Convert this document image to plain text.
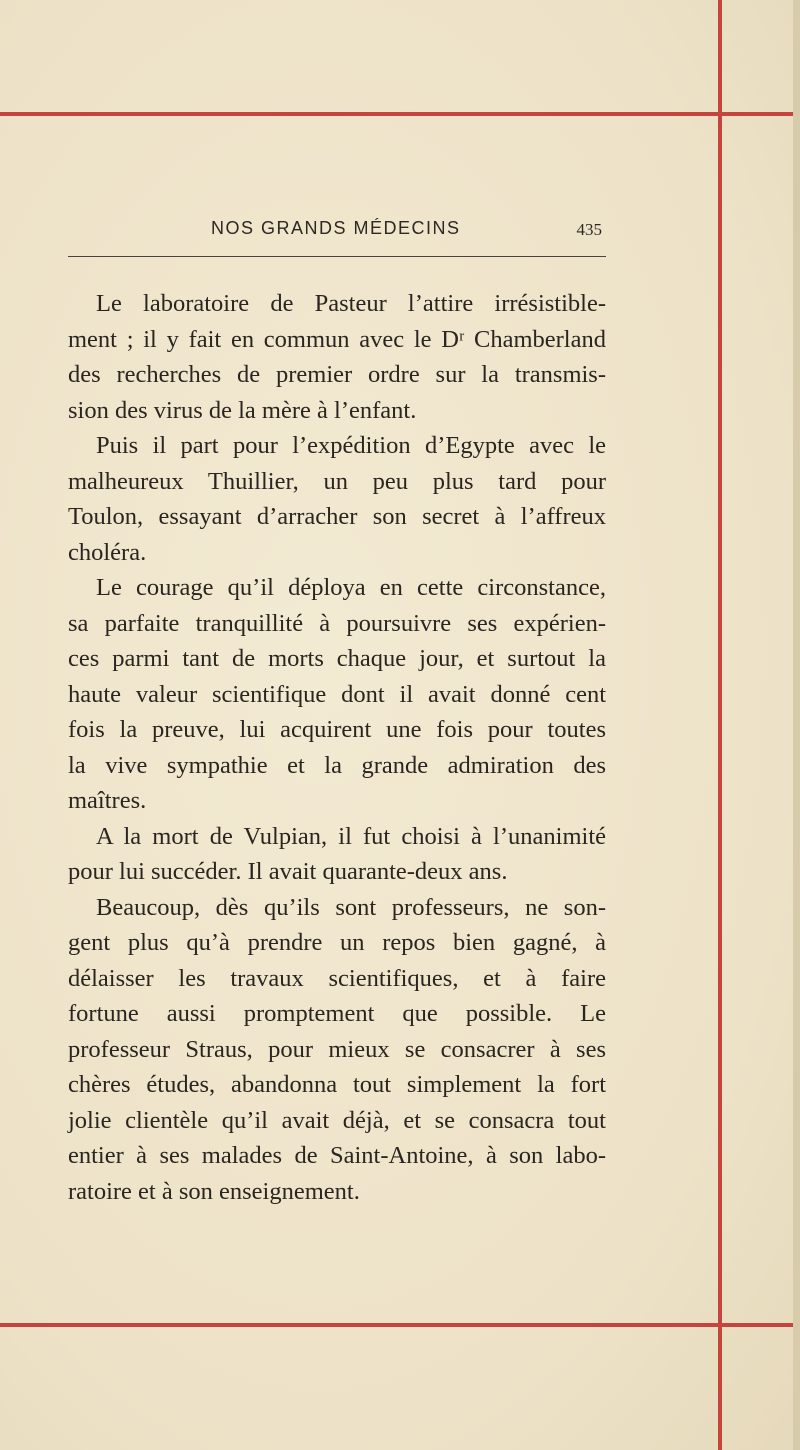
NOS GRANDS MÉDECINS	435
Le laboratoire de Pasteur l’attire irrésistible-
ment ; il y fait en commun avec le Dʳ Chamberland
des recherches de premier ordre sur la transmis-
sion des virus de la mère à l’enfant.
Puis il part pour l’expédition d’Egypte avec le
malheureux Thuillier, un peu plus tard pour
Toulon, essayant d’arracher son secret à l’affreux
choléra.
Le courage qu’il déploya en cette circonstance,
sa parfaite tranquillité à poursuivre ses expérien-
ces parmi tant de morts chaque jour, et surtout la
haute valeur scientifique dont il avait donné cent
fois la preuve, lui acquirent une fois pour toutes
la vive sympathie et la grande admiration des
maîtres.
A la mort de Vulpian, il fut choisi à l’unanimité
pour lui succéder. Il avait quarante-deux ans.
Beaucoup, dès qu’ils sont professeurs, ne son-
gent plus qu’à prendre un repos bien gagné, à
délaisser les travaux scientifiques, et à faire
fortune aussi promptement que possible. Le
professeur Straus, pour mieux se consacrer à ses
chères études, abandonna tout simplement la fort
jolie clientèle qu’il avait déjà, et se consacra tout
entier à ses malades de Saint-Antoine, à son labo-
ratoire et à son enseignement.
